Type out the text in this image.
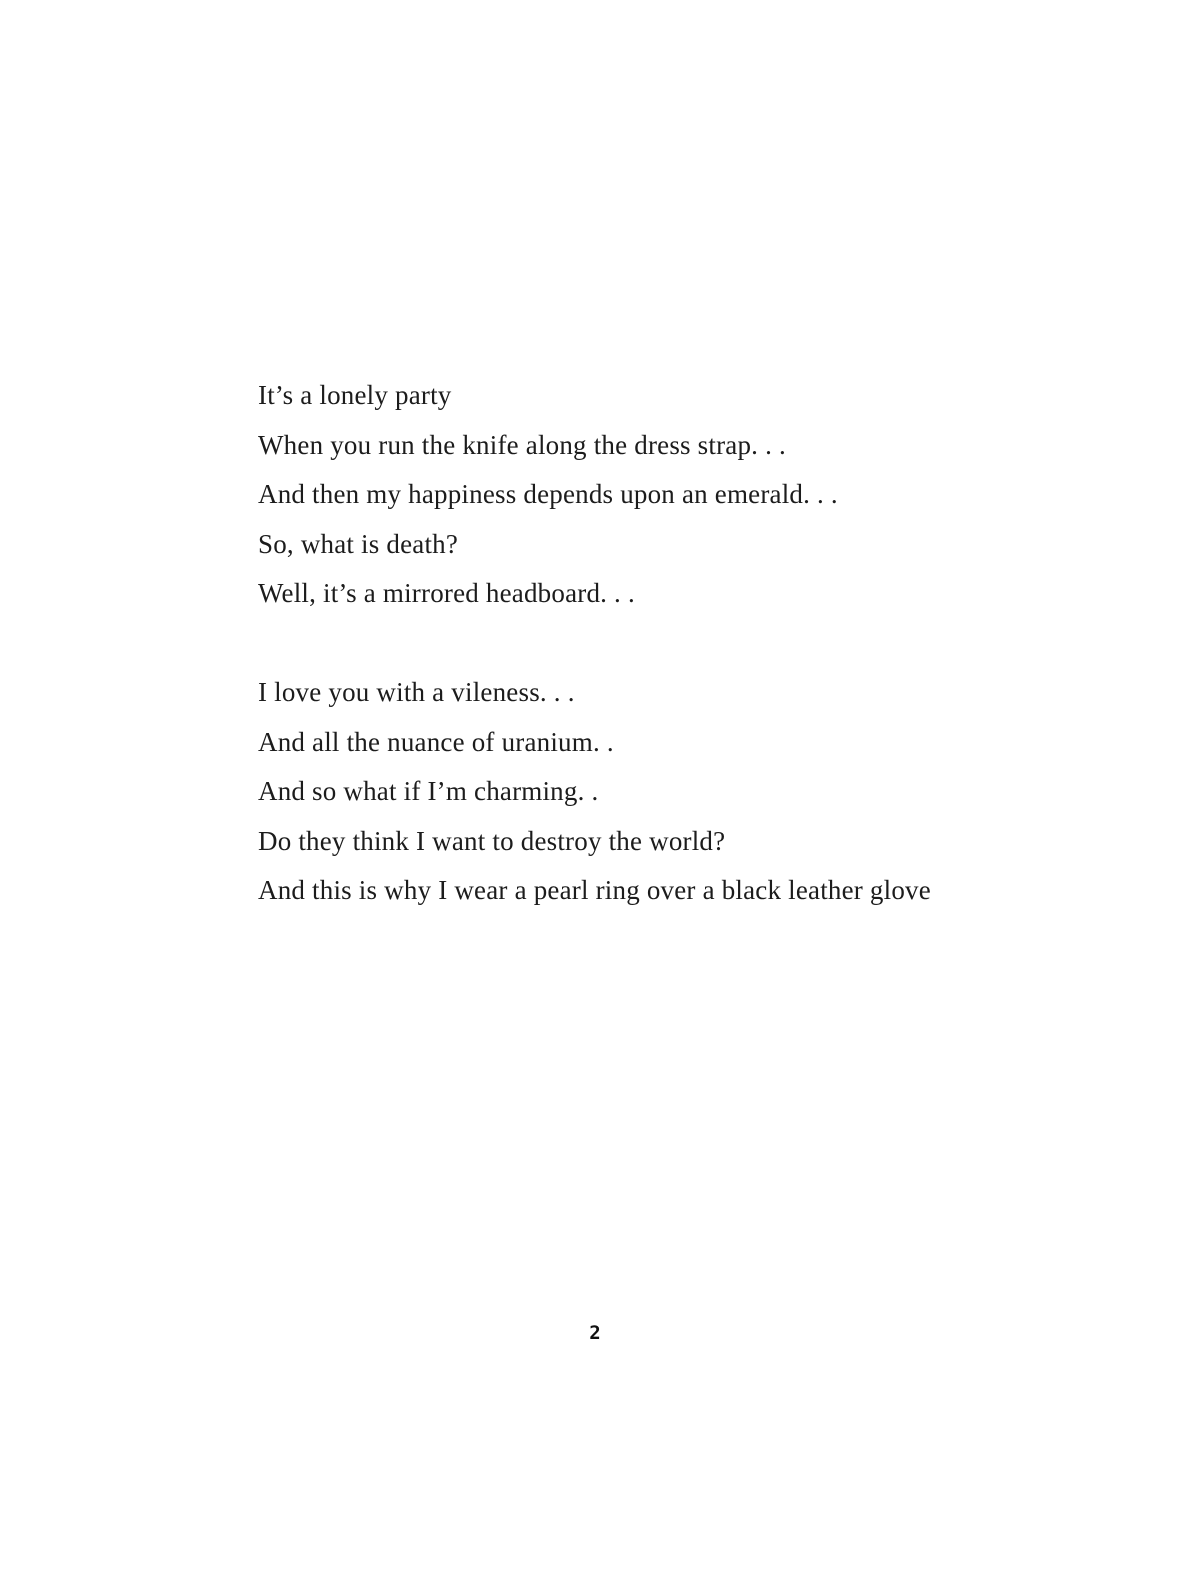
It’s a lonely party
When you run the knife along the dress strap. . .
And then my happiness depends upon an emerald. . .
So, what is death?
Well, it’s a mirrored headboard. . .
I love you with a vileness. . .
And all the nuance of uranium. .
And so what if I’m charming. .
Do they think I want to destroy the world?
And this is why I wear a pearl ring over a black leather glove
2
